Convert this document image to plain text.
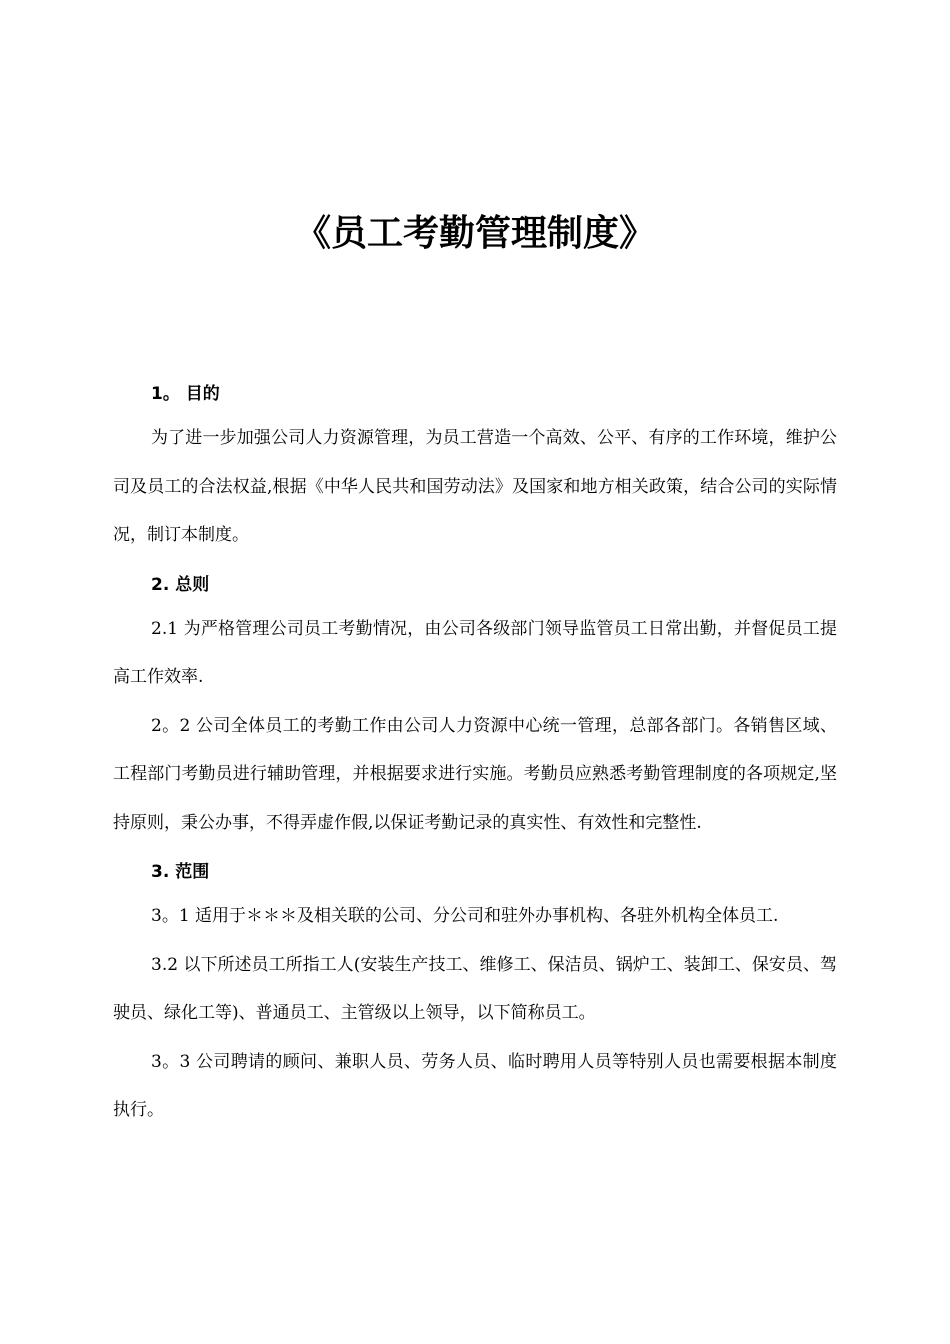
《员工考勤管理制度》

1。 目的

为了进一步加强公司人力资源管理，为员工营造一个高效、公平、有序的工作环境，维护公司及员工的合法权益,根据《中华人民共和国劳动法》及国家和地方相关政策，结合公司的实际情况，制订本制度。

2. 总则

2.1 为严格管理公司员工考勤情况，由公司各级部门领导监管员工日常出勤，并督促员工提高工作效率.

2。2 公司全体员工的考勤工作由公司人力资源中心统一管理，总部各部门。各销售区域、工程部门考勤员进行辅助管理，并根据要求进行实施。考勤员应熟悉考勤管理制度的各项规定,坚持原则，秉公办事，不得弄虚作假,以保证考勤记录的真实性、有效性和完整性.

3. 范围

3。1 适用于＊＊＊及相关联的公司、分公司和驻外办事机构、各驻外机构全体员工.

3.2 以下所述员工所指工人(安装生产技工、维修工、保洁员、锅炉工、装卸工、保安员、驾驶员、绿化工等)、普通员工、主管级以上领导，以下简称员工。

3。3 公司聘请的顾问、兼职人员、劳务人员、临时聘用人员等特别人员也需要根据本制度执行。
